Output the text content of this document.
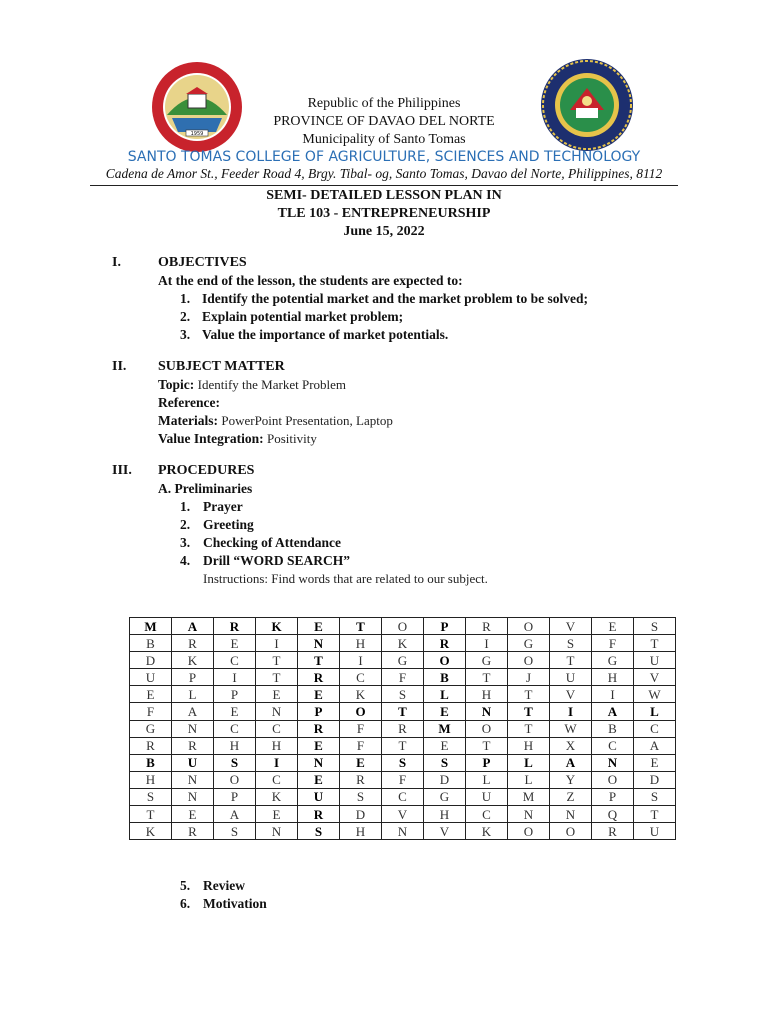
1959
Republic of the Philippines
PROVINCE OF DAVAO DEL NORTE
Municipality of Santo Tomas
SANTO TOMAS COLLEGE OF AGRICULTURE, SCIENCES AND TECHNOLOGY
Cadena de Amor St., Feeder Road 4, Brgy. Tibal- og, Santo Tomas, Davao del Norte, Philippines, 8112
SEMI- DETAILED LESSON PLAN IN
TLE 103 - ENTREPRENEURSHIP
June 15, 2022
I.	OBJECTIVES
At the end of the lesson, the students are expected to:
1. Identify the potential market and the market problem to be solved;
2. Explain potential market problem;
3. Value the importance of market potentials.
II. SUBJECT MATTER
Topic: Identify the Market Problem
Reference:
Materials: PowerPoint Presentation, Laptop
Value Integration: Positivity
III. PROCEDURES
A. Preliminaries
1. Prayer
2. Greeting
3. Checking of Attendance
4. Drill “WORD SEARCH”
Instructions: Find words that are related to our subject.
M	A	R	K	E	T	O	P	R	O	V	E	S
B	R	E	I	N	H	K	R	I	G	S	F	T
D	K	C	T	T	I	G	O	G	O	T	G	U
U	P	I	T	R	C	F	B	T	J	U	H	V
E	L	P	E	E	K	S	L	H	T	V	I	W
F	A	E	N	P	O	T	E	N	T	I	A	L
G	N	C	C	R	F	R	M	O	T	W	B	C
R	R	H	H	E	F	T	E	T	H	X	C	A
B	U	S	I	N	E	S	S	P	L	A	N	E
H	N	O	C	E	R	F	D	L	L	Y	O	D
S	N	P	K	U	S	C	G	U	M	Z	P	S
T	E	A	E	R	D	V	H	C	N	N	Q	T
K	R	S	N	S	H	N	V	K	O	O	R	U
5. Review
6. Motivation
